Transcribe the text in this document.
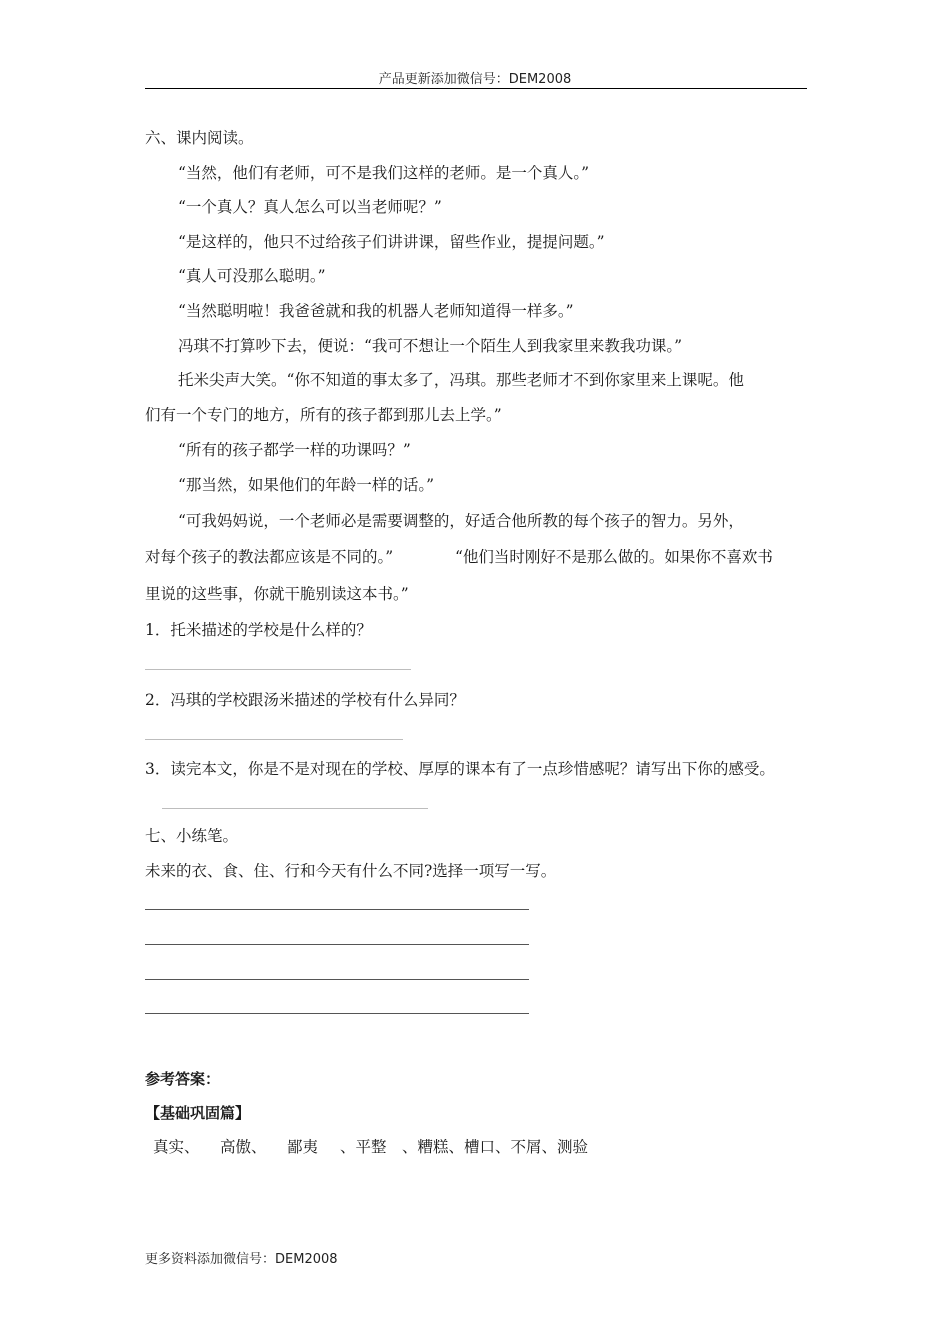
产品更新添加微信号：DEM2008
六、课内阅读。
“当然，他们有老师，可不是我们这样的老师。是一个真人。”
“一个真人？真人怎么可以当老师呢？”
“是这样的，他只不过给孩子们讲讲课，留些作业，提提问题。”
“真人可没那么聪明。”
“当然聪明啦！我爸爸就和我的机器人老师知道得一样多。”
冯琪不打算吵下去，便说：“我可不想让一个陌生人到我家里来教我功课。”
托米尖声大笑。“你不知道的事太多了，冯琪。那些老师才不到你家里来上课呢。他
们有一个专门的地方，所有的孩子都到那儿去上学。”
“所有的孩子都学一样的功课吗？”
“那当然，如果他们的年龄一样的话。”
“可我妈妈说，一个老师必是需要调整的，好适合他所教的每个孩子的智力。另外，
对每个孩子的教法都应该是不同的。”	“他们当时刚好不是那么做的。如果你不喜欢书
里说的这些事，你就干脆别读这本书。”
1．托米描述的学校是什么样的？
2．冯琪的学校跟汤米描述的学校有什么异同？
3．读完本文，你是不是对现在的学校、厚厚的课本有了一点珍惜感呢？请写出下你的感受。
七、小练笔。
未来的衣、食、住、行和今天有什么不同?选择一项写一写。
参考答案：
【基础巩固篇】
真实、 高傲、 鄙夷 、平整 、糟糕、槽口、不屑、测验
更多资料添加微信号：DEM2008
